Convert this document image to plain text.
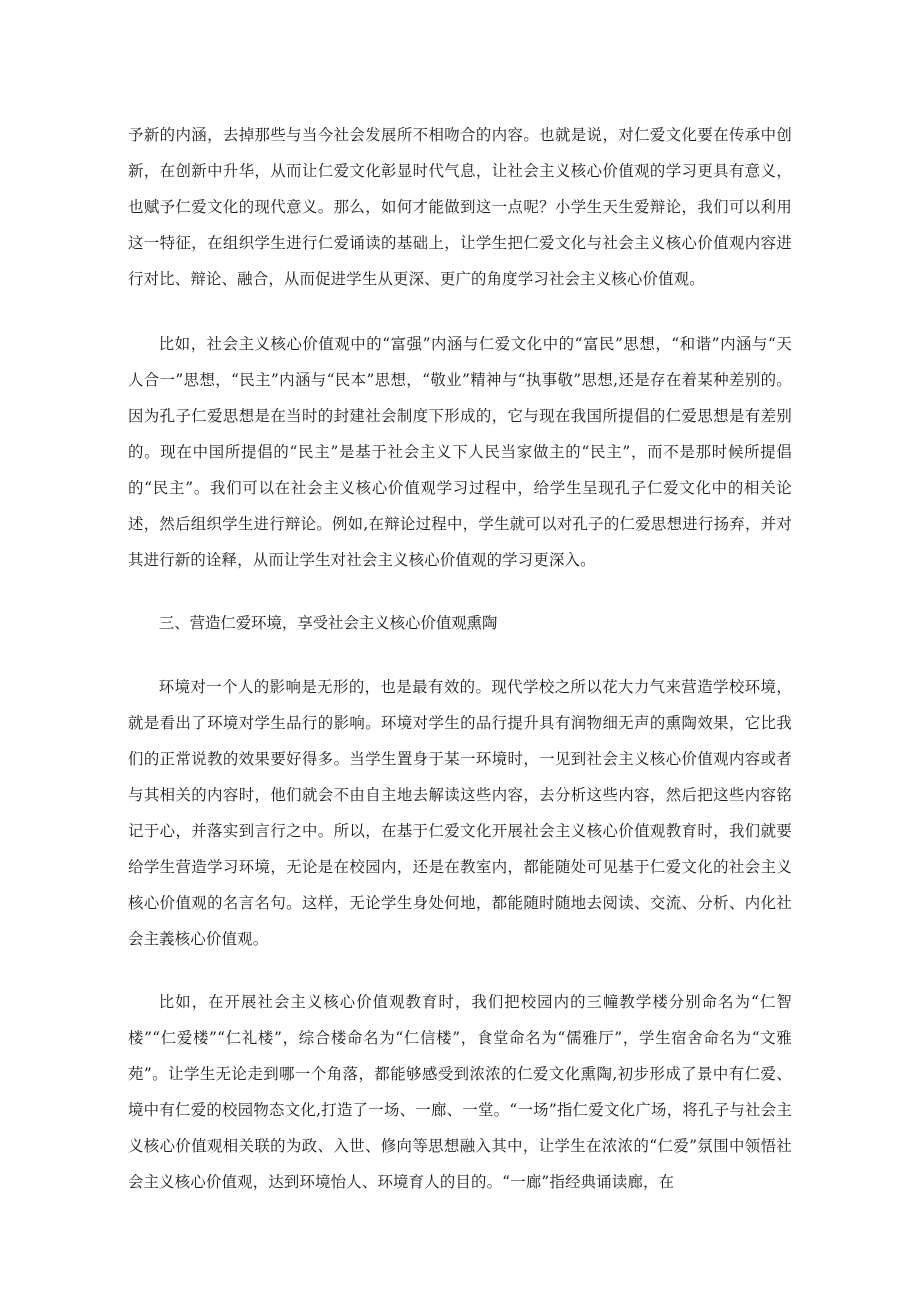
予新的内涵，去掉那些与当今社会发展所不相吻合的内容。也就是说，对仁爱文化要在传承中创新，在创新中升华，从而让仁爱文化彰显时代气息，让社会主义核心价值观的学习更具有意义，也赋予仁爱文化的现代意义。那么，如何才能做到这一点呢？小学生天生爱辩论，我们可以利用这一特征，在组织学生进行仁爱诵读的基础上，让学生把仁爱文化与社会主义核心价值观内容进行对比、辩论、融合，从而促进学生从更深、更广的角度学习社会主义核心价值观。

比如，社会主义核心价值观中的“富强”内涵与仁爱文化中的“富民”思想，“和谐”内涵与“天人合一”思想，“民主”内涵与“民本”思想，“敬业”精神与“执事敬”思想,还是存在着某种差别的。因为孔子仁爱思想是在当时的封建社会制度下形成的，它与现在我国所提倡的仁爱思想是有差别的。现在中国所提倡的“民主”是基于社会主义下人民当家做主的“民主”，而不是那时候所提倡的“民主”。我们可以在社会主义核心价值观学习过程中，给学生呈现孔子仁爱文化中的相关论述，然后组织学生进行辩论。例如,在辩论过程中，学生就可以对孔子的仁爱思想进行扬弃，并对其进行新的诠释，从而让学生对社会主义核心价值观的学习更深入。

三、营造仁爱环境，享受社会主义核心价值观熏陶

环境对一个人的影响是无形的，也是最有效的。现代学校之所以花大力气来营造学校环境，就是看出了环境对学生品行的影响。环境对学生的品行提升具有润物细无声的熏陶效果，它比我们的正常说教的效果要好得多。当学生置身于某一环境时，一见到社会主义核心价值观内容或者与其相关的内容时，他们就会不由自主地去解读这些内容，去分析这些内容，然后把这些内容铭记于心，并落实到言行之中。所以，在基于仁爱文化开展社会主义核心价值观教育时，我们就要给学生营造学习环境，无论是在校园内，还是在教室内，都能随处可见基于仁爱文化的社会主义核心价值观的名言名句。这样，无论学生身处何地，都能随时随地去阅读、交流、分析、内化社会主義核心价值观。

比如，在开展社会主义核心价值观教育时，我们把校园内的三幢教学楼分别命名为“仁智楼”“仁爱楼”“仁礼楼”，综合楼命名为“仁信楼”，食堂命名为“儒雅厅”，学生宿舍命名为“文雅苑”。让学生无论走到哪一个角落，都能够感受到浓浓的仁爱文化熏陶,初步形成了景中有仁爱、境中有仁爱的校园物态文化,打造了一场、一廊、一堂。“一场”指仁爱文化广场，将孔子与社会主义核心价值观相关联的为政、入世、修向等思想融入其中，让学生在浓浓的“仁爱”氛围中领悟社会主义核心价值观，达到环境怡人、环境育人的目的。“一廊”指经典诵读廊，在
